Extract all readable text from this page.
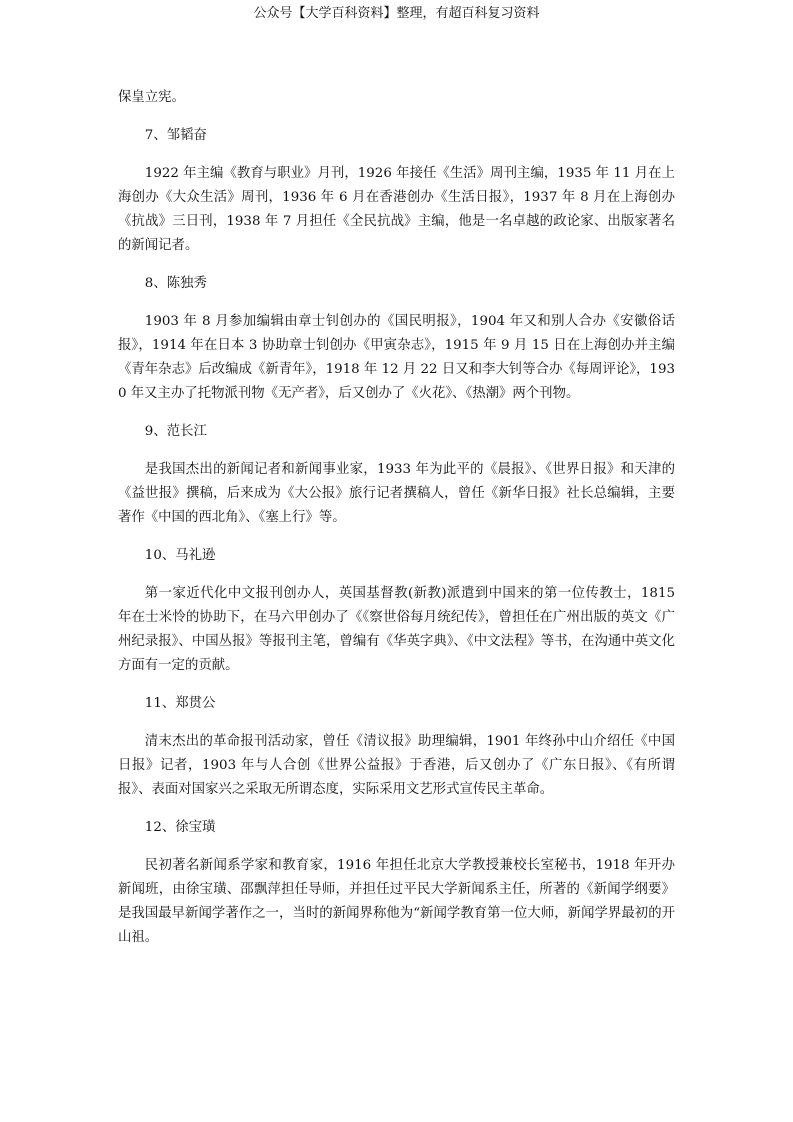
公众号【大学百科资料】整理，有超百科复习资料

保皇立宪。

7、邹韬奋

1922 年主编《教育与职业》月刊，1926 年接任《生活》周刊主编，1935 年 11 月在上海创办《大众生活》周刊，1936 年 6 月在香港创办《生活日报》，1937 年 8 月在上海创办《抗战》三日刊，1938 年 7 月担任《全民抗战》主编，他是一名卓越的政论家、出版家著名的新闻记者。

8、陈独秀

1903 年 8 月参加编辑由章士钊创办的《国民明报》，1904 年又和别人合办《安徽俗话报》，1914 年在日本 3 协助章士钊创办《甲寅杂志》，1915 年 9 月 15 日在上海创办并主编《青年杂志》后改编成《新青年》，1918 年 12 月 22 日又和李大钊等合办《每周评论》，1930 年又主办了托物派刊物《无产者》，后又创办了《火花》、《热潮》两个刊物。

9、范长江

是我国杰出的新闻记者和新闻事业家，1933 年为此平的《晨报》、《世界日报》和天津的《益世报》撰稿，后来成为《大公报》旅行记者撰稿人，曾任《新华日报》社长总编辑，主要著作《中国的西北角》、《塞上行》等。

10、马礼逊

第一家近代化中文报刊创办人，英国基督教(新教)派遣到中国来的第一位传教士，1815 年在士米怜的协助下，在马六甲创办了《《察世俗每月统纪传》，曾担任在广州出版的英文《广州纪录报》、中国丛报》等报刊主笔，曾编有《华英字典》、《中文法程》等书，在沟通中英文化方面有一定的贡献。

11、郑贯公

清末杰出的革命报刊活动家，曾任《清议报》助理编辑，1901 年终孙中山介绍任《中国日报》记者，1903 年与人合创《世界公益报》于香港，后又创办了《广东日报》、《有所谓报》、表面对国家兴之采取无所谓态度，实际采用文艺形式宣传民主革命。

12、徐宝璜

民初著名新闻系学家和教育家，1916 年担任北京大学教授兼校长室秘书，1918 年开办新闻班，由徐宝璜、邵飘萍担任导师，并担任过平民大学新闻系主任，所著的《新闻学纲要》是我国最早新闻学著作之一，当时的新闻界称他为“新闻学教育第一位大师，新闻学界最初的开山祖。
